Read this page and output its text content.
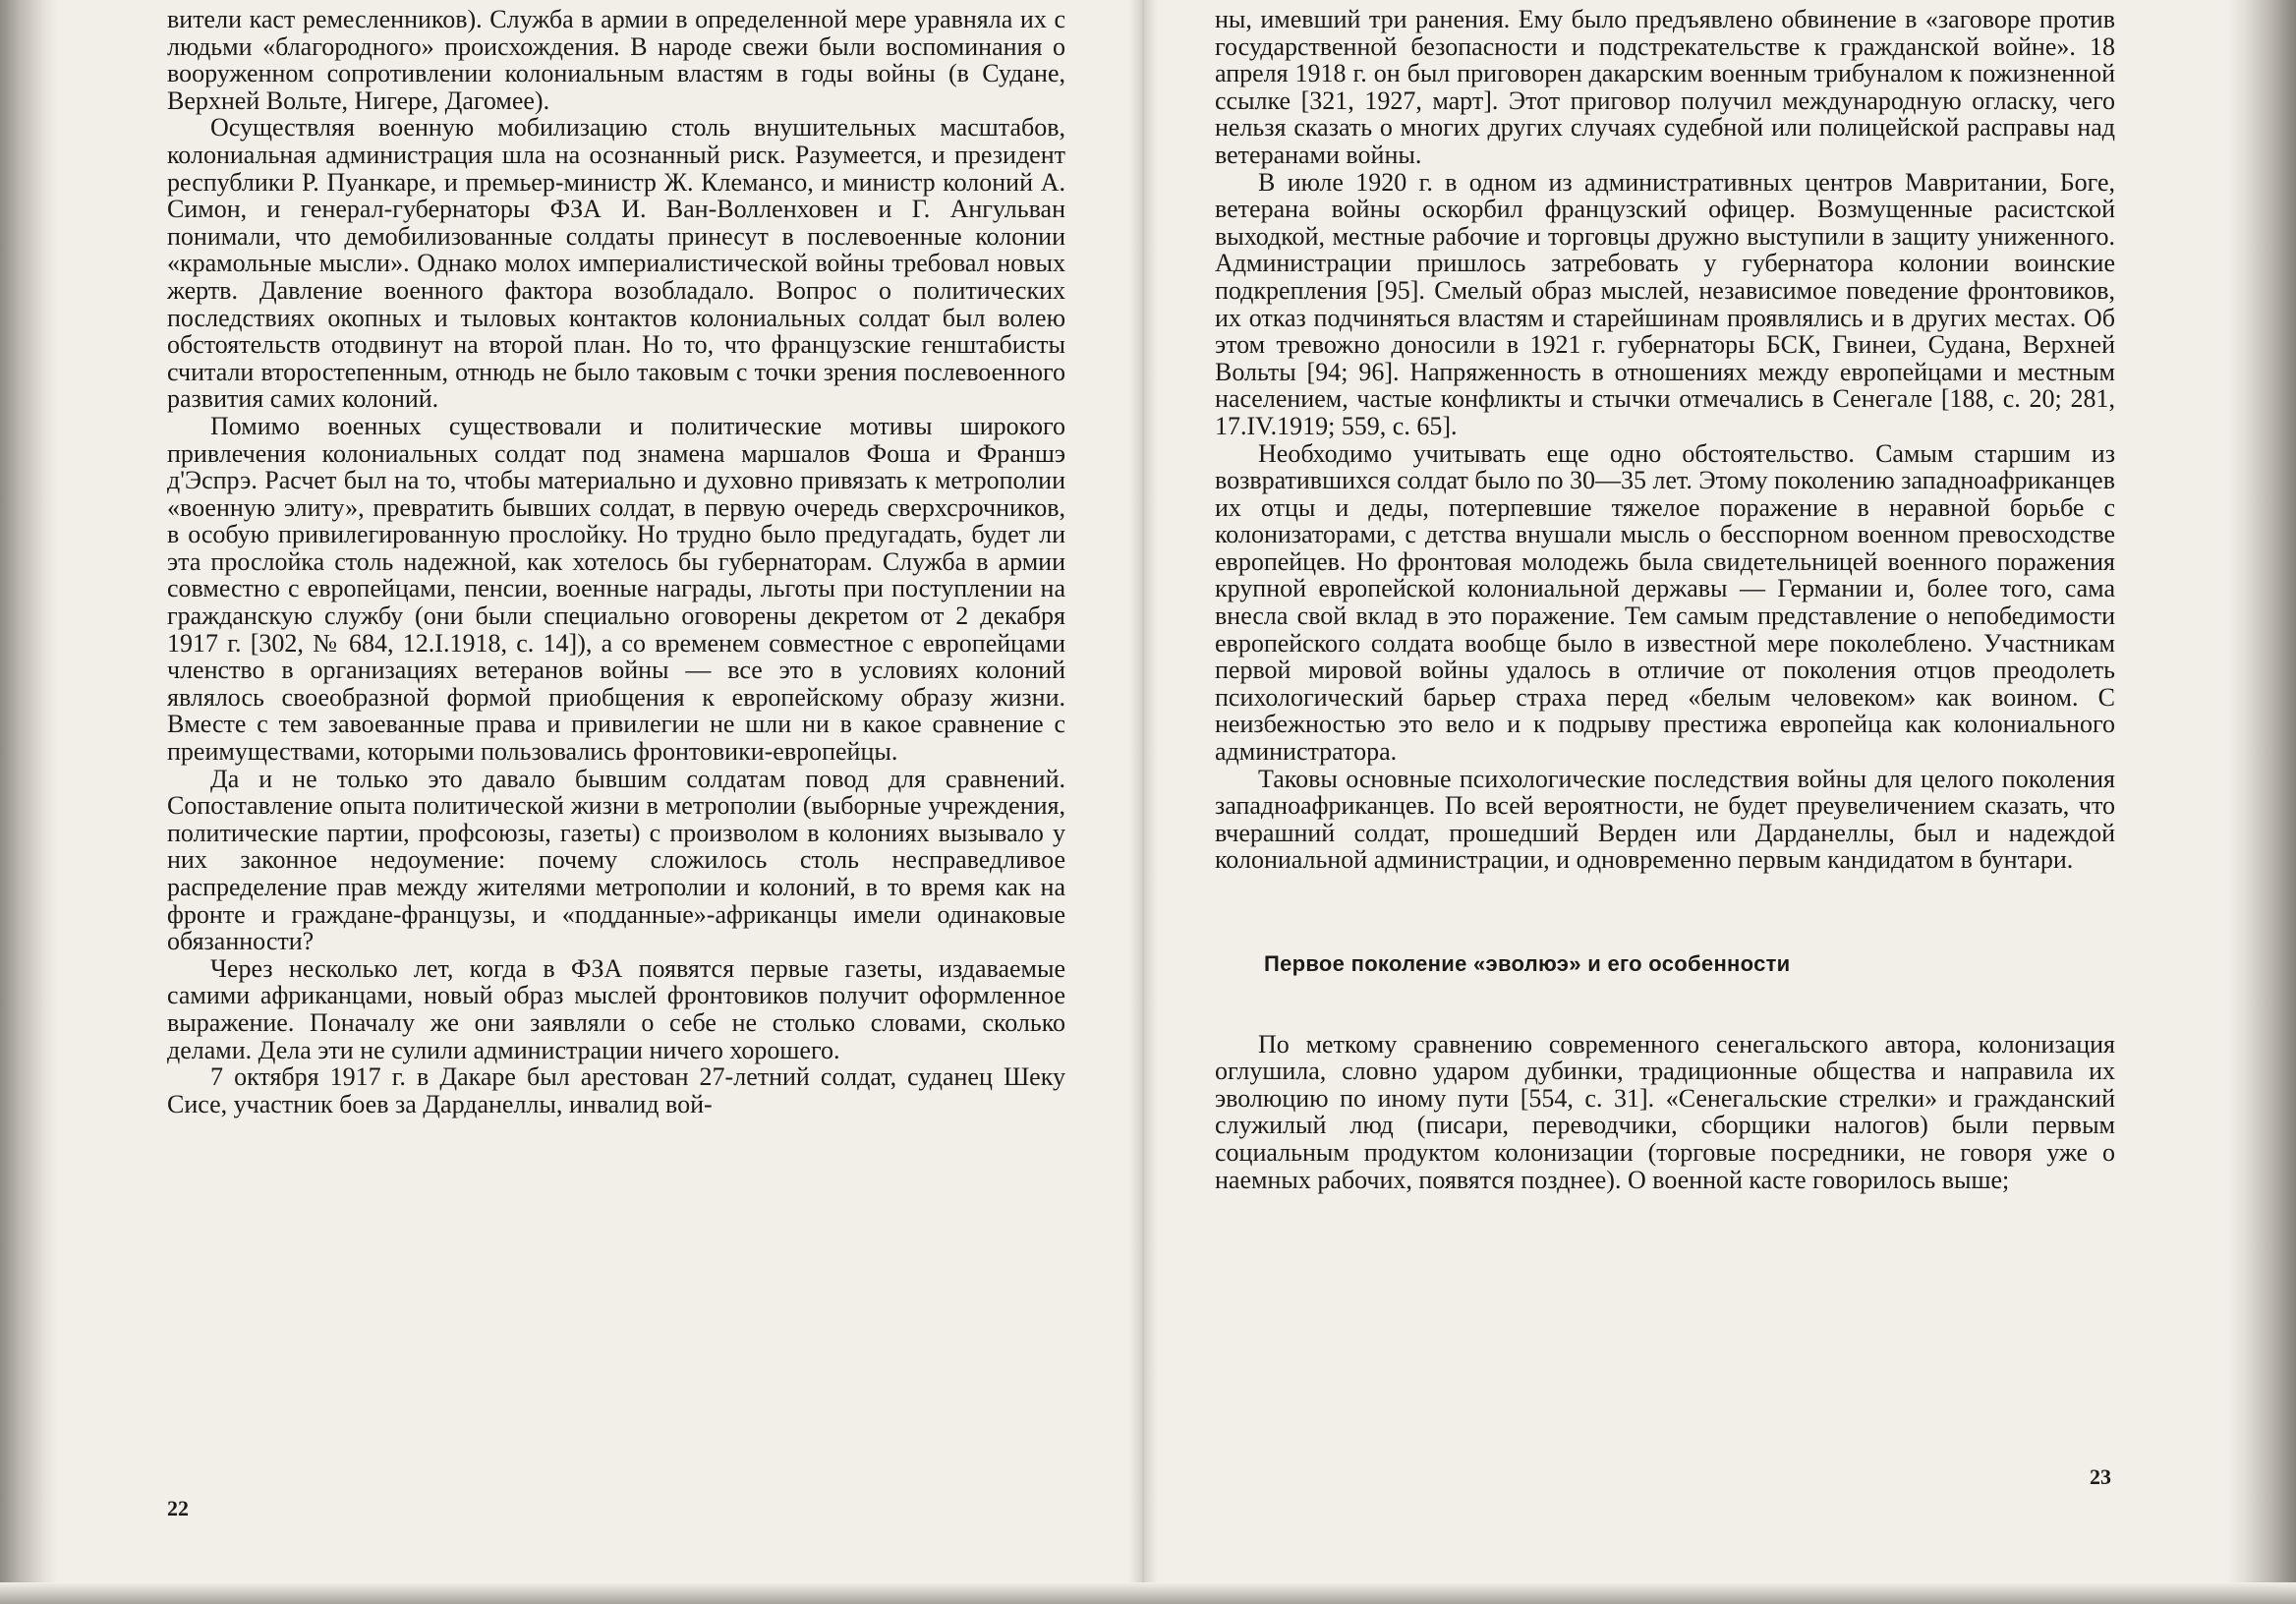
вители каст ремесленников). Служба в армии в определенной мере уравняла их с людьми «благородного» происхождения. В народе свежи были воспоминания о вооруженном сопротивлении колониальным властям в годы войны (в Судане, Верхней Вольте, Нигере, Дагомее).

Осуществляя военную мобилизацию столь внушительных масштабов, колониальная администрация шла на осознанный риск. Разумеется, и президент республики Р. Пуанкаре, и премьер-министр Ж. Клемансо, и министр колоний А. Симон, и генерал-губернаторы ФЗА И. Ван-Волленховен и Г. Ангульван понимали, что демобилизованные солдаты принесут в послевоенные колонии «крамольные мысли». Однако молох империалистической войны требовал новых жертв. Давление военного фактора возобладало. Вопрос о политических последствиях окопных и тыловых контактов колониальных солдат был волею обстоятельств отодвинут на второй план. Но то, что французские генштабисты считали второстепенным, отнюдь не было таковым с точки зрения послевоенного развития самих колоний.

Помимо военных существовали и политические мотивы широкого привлечения колониальных солдат под знамена маршалов Фоша и Франшэ д'Эспрэ. Расчет был на то, чтобы материально и духовно привязать к метрополии «военную элиту», превратить бывших солдат, в первую очередь сверхсрочников, в особую привилегированную прослойку. Но трудно было предугадать, будет ли эта прослойка столь надежной, как хотелось бы губернаторам. Служба в армии совместно с европейцами, пенсии, военные награды, льготы при поступлении на гражданскую службу (они были специально оговорены декретом от 2 декабря 1917 г. [302, № 684, 12.I.1918, с. 14]), а со временем совместное с европейцами членство в организациях ветеранов войны — все это в условиях колоний являлось своеобразной формой приобщения к европейскому образу жизни. Вместе с тем завоеванные права и привилегии не шли ни в какое сравнение с преимуществами, которыми пользовались фронтовики-европейцы.

Да и не только это давало бывшим солдатам повод для сравнений. Сопоставление опыта политической жизни в метрополии (выборные учреждения, политические партии, профсоюзы, газеты) с произволом в колониях вызывало у них законное недоумение: почему сложилось столь несправедливое распределение прав между жителями метрополии и колоний, в то время как на фронте и граждане-французы, и «подданные»-африканцы имели одинаковые обязанности?

Через несколько лет, когда в ФЗА появятся первые газеты, издаваемые самими африканцами, новый образ мыслей фронтовиков получит оформленное выражение. Поначалу же они заявляли о себе не столько словами, сколько делами. Дела эти не сулили администрации ничего хорошего.

7 октября 1917 г. в Дакаре был арестован 27-летний солдат, суданец Шеку Сисе, участник боев за Дарданеллы, инвалид вой-

22

ны, имевший три ранения. Ему было предъявлено обвинение в «заговоре против государственной безопасности и подстрекательстве к гражданской войне». 18 апреля 1918 г. он был приговорен дакарским военным трибуналом к пожизненной ссылке [321, 1927, март]. Этот приговор получил международную огласку, чего нельзя сказать о многих других случаях судебной или полицейской расправы над ветеранами войны.

В июле 1920 г. в одном из административных центров Мавритании, Боге, ветерана войны оскорбил французский офицер. Возмущенные расистской выходкой, местные рабочие и торговцы дружно выступили в защиту униженного. Администрации пришлось затребовать у губернатора колонии воинские подкрепления [95]. Смелый образ мыслей, независимое поведение фронтовиков, их отказ подчиняться властям и старейшинам проявлялись и в других местах. Об этом тревожно доносили в 1921 г. губернаторы БСК, Гвинеи, Судана, Верхней Вольты [94; 96]. Напряженность в отношениях между европейцами и местным населением, частые конфликты и стычки отмечались в Сенегале [188, с. 20; 281, 17.IV.1919; 559, с. 65].

Необходимо учитывать еще одно обстоятельство. Самым старшим из возвратившихся солдат было по 30—35 лет. Этому поколению западноафриканцев их отцы и деды, потерпевшие тяжелое поражение в неравной борьбе с колонизаторами, с детства внушали мысль о бесспорном военном превосходстве европейцев. Но фронтовая молодежь была свидетельницей военного поражения крупной европейской колониальной державы — Германии и, более того, сама внесла свой вклад в это поражение. Тем самым представление о непобедимости европейского солдата вообще было в известной мере поколеблено. Участникам первой мировой войны удалось в отличие от поколения отцов преодолеть психологический барьер страха перед «белым человеком» как воином. С неизбежностью это вело и к подрыву престижа европейца как колониального администратора.

Таковы основные психологические последствия войны для целого поколения западноафриканцев. По всей вероятности, не будет преувеличением сказать, что вчерашний солдат, прошедший Верден или Дарданеллы, был и надеждой колониальной администрации, и одновременно первым кандидатом в бунтари.

Первое поколение «эволюэ» и его особенности

По меткому сравнению современного сенегальского автора, колонизация оглушила, словно ударом дубинки, традиционные общества и направила их эволюцию по иному пути [554, с. 31]. «Сенегальские стрелки» и гражданский служилый люд (писари, переводчики, сборщики налогов) были первым социальным продуктом колонизации (торговые посредники, не говоря уже о наемных рабочих, появятся позднее). О военной касте говорилось выше;

23
